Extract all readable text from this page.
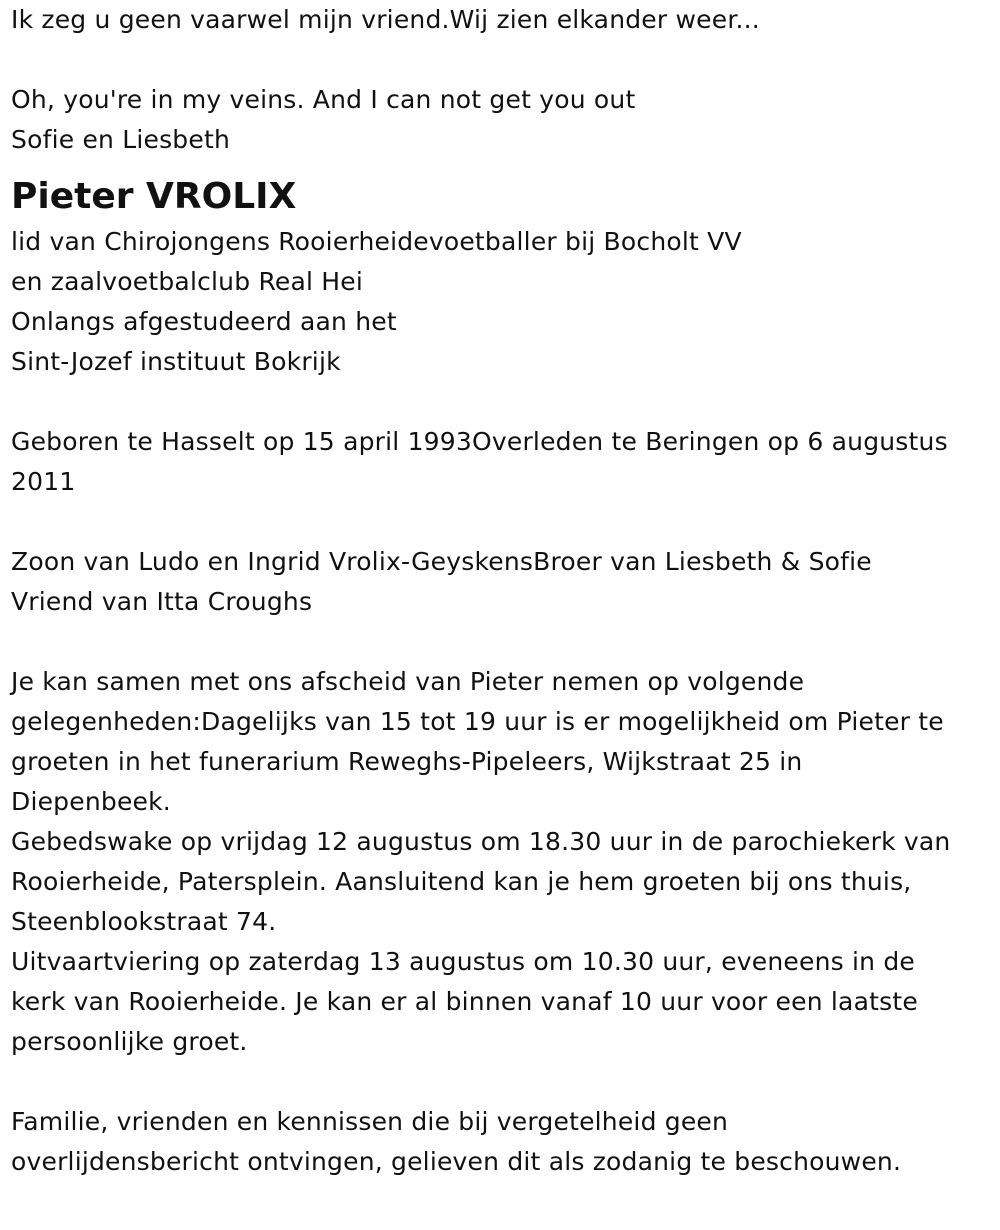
Ik zeg u geen vaarwel mijn vriend.Wij zien elkander weer...
Oh, you're in my veins. And I can not get you out
Sofie en Liesbeth
Pieter VROLIX
lid van Chirojongens Rooierheidevoetballer bij Bocholt VV
en zaalvoetbalclub Real Hei
Onlangs afgestudeerd aan het
Sint-Jozef instituut Bokrijk
Geboren te Hasselt op 15 april 1993Overleden te Beringen op 6 augustus
2011
Zoon van Ludo en Ingrid Vrolix-GeyskensBroer van Liesbeth & Sofie
Vriend van Itta Croughs
Je kan samen met ons afscheid van Pieter nemen op volgende
gelegenheden:Dagelijks van 15 tot 19 uur is er mogelijkheid om Pieter te
groeten in het funerarium Reweghs-Pipeleers, Wijkstraat 25 in
Diepenbeek.
Gebedswake op vrijdag 12 augustus om 18.30 uur in de parochiekerk van
Rooierheide, Patersplein. Aansluitend kan je hem groeten bij ons thuis,
Steenblookstraat 74.
Uitvaartviering op zaterdag 13 augustus om 10.30 uur, eveneens in de
kerk van Rooierheide. Je kan er al binnen vanaf 10 uur voor een laatste
persoonlijke groet.
Familie, vrienden en kennissen die bij vergetelheid geen
overlijdensbericht ontvingen, gelieven dit als zodanig te beschouwen.
